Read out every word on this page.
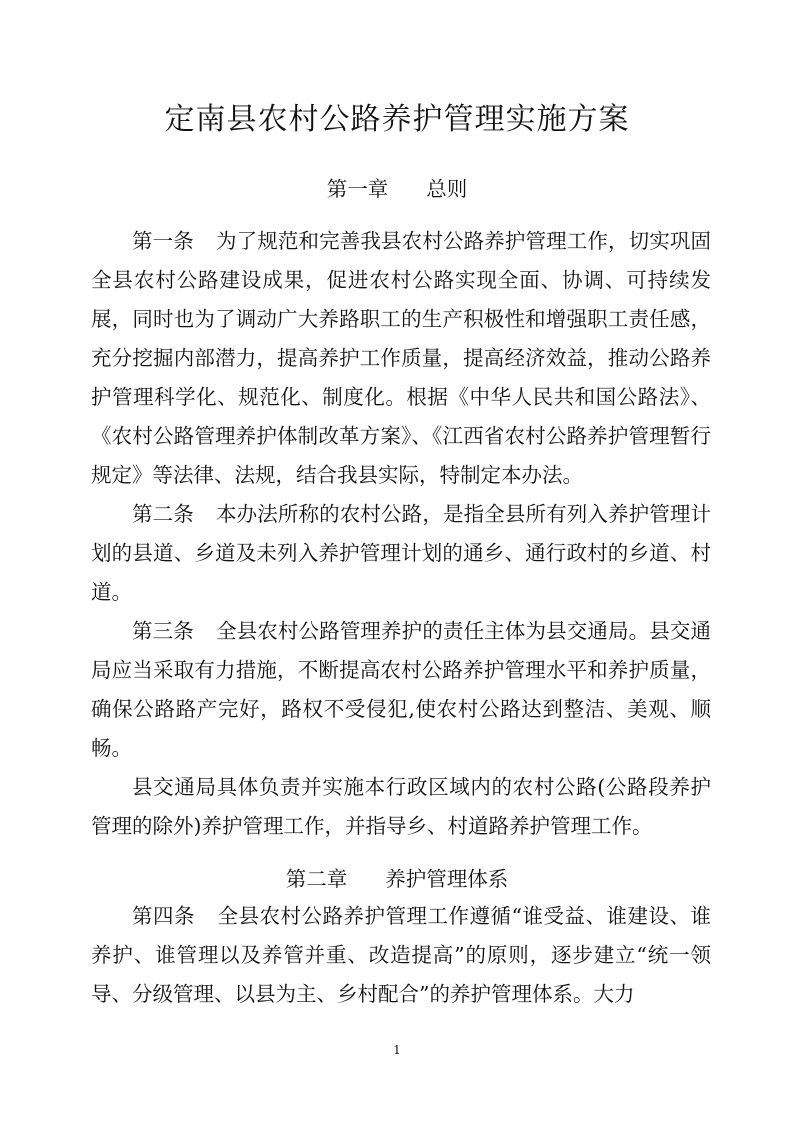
定南县农村公路养护管理实施方案
第一章 总则

第一条 为了规范和完善我县农村公路养护管理工作，切实巩固全县农村公路建设成果，促进农村公路实现全面、协调、可持续发展，同时也为了调动广大养路职工的生产积极性和增强职工责任感，充分挖掘内部潜力，提高养护工作质量，提高经济效益，推动公路养护管理科学化、规范化、制度化。根据《中华人民共和国公路法》、《农村公路管理养护体制改革方案》、《江西省农村公路养护管理暂行规定》等法律、法规，结合我县实际，特制定本办法。

第二条 本办法所称的农村公路，是指全县所有列入养护管理计划的县道、乡道及未列入养护管理计划的通乡、通行政村的乡道、村道。

第三条 全县农村公路管理养护的责任主体为县交通局。县交通局应当采取有力措施，不断提高农村公路养护管理水平和养护质量，确保公路路产完好，路权不受侵犯,使农村公路达到整洁、美观、顺畅。

县交通局具体负责并实施本行政区域内的农村公路(公路段养护管理的除外)养护管理工作，并指导乡、村道路养护管理工作。

第二章 养护管理体系

第四条 全县农村公路养护管理工作遵循“谁受益、谁建设、谁养护、谁管理以及养管并重、改造提高”的原则，逐步建立“统一领导、分级管理、以县为主、乡村配合”的养护管理体系。大力

1
